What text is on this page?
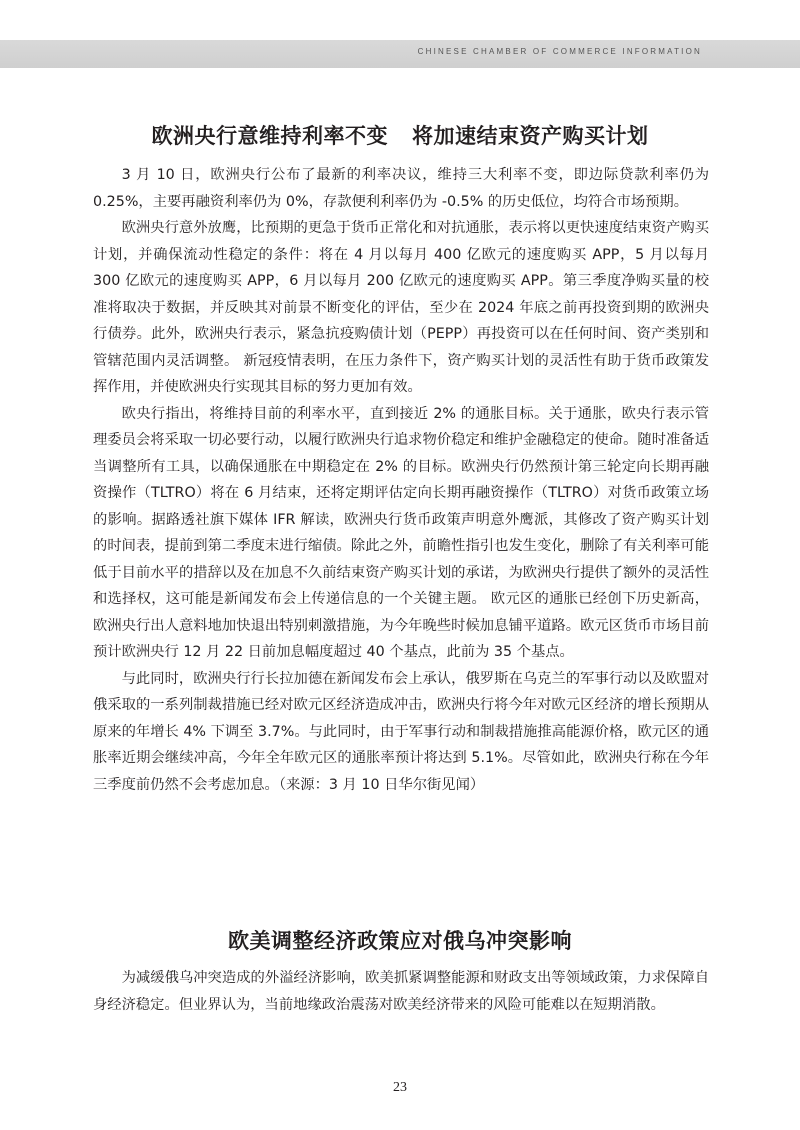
CHINESE CHAMBER OF COMMERCE INFORMATION
欧洲央行意维持利率不变 将加速结束资产购买计划

3 月 10 日，欧洲央行公布了最新的利率决议，维持三大利率不变，即边际贷款利率仍为 0.25%，主要再融资利率仍为 0%，存款便利利率仍为 -0.5% 的历史低位，均符合市场预期。

欧洲央行意外放鹰，比预期的更急于货币正常化和对抗通胀，表示将以更快速度结束资产购买计划，并确保流动性稳定的条件：将在 4 月以每月 400 亿欧元的速度购买 APP，5 月以每月 300 亿欧元的速度购买 APP，6 月以每月 200 亿欧元的速度购买 APP。第三季度净购买量的校准将取决于数据，并反映其对前景不断变化的评估，至少在 2024 年底之前再投资到期的欧洲央行债券。此外，欧洲央行表示，紧急抗疫购债计划（PEPP）再投资可以在任何时间、资产类别和管辖范围内灵活调整。 新冠疫情表明，在压力条件下，资产购买计划的灵活性有助于货币政策发挥作用，并使欧洲央行实现其目标的努力更加有效。

欧央行指出，将维持目前的利率水平，直到接近 2% 的通胀目标。关于通胀，欧央行表示管理委员会将采取一切必要行动，以履行欧洲央行追求物价稳定和维护金融稳定的使命。随时准备适当调整所有工具，以确保通胀在中期稳定在 2% 的目标。欧洲央行仍然预计第三轮定向长期再融资操作（TLTRO）将在 6 月结束，还将定期评估定向长期再融资操作（TLTRO）对货币政策立场的影响。据路透社旗下媒体 IFR 解读，欧洲央行货币政策声明意外鹰派，其修改了资产购买计划的时间表，提前到第二季度末进行缩债。除此之外，前瞻性指引也发生变化，删除了有关利率可能低于目前水平的措辞以及在加息不久前结束资产购买计划的承诺，为欧洲央行提供了额外的灵活性和选择权，这可能是新闻发布会上传递信息的一个关键主题。 欧元区的通胀已经创下历史新高，欧洲央行出人意料地加快退出特别刺激措施，为今年晚些时候加息铺平道路。欧元区货币市场目前预计欧洲央行 12 月 22 日前加息幅度超过 40 个基点，此前为 35 个基点。

与此同时，欧洲央行行长拉加德在新闻发布会上承认，俄罗斯在乌克兰的军事行动以及欧盟对俄采取的一系列制裁措施已经对欧元区经济造成冲击，欧洲央行将今年对欧元区经济的增长预期从原来的年增长 4% 下调至 3.7%。与此同时，由于军事行动和制裁措施推高能源价格，欧元区的通胀率近期会继续冲高，今年全年欧元区的通胀率预计将达到 5.1%。尽管如此，欧洲央行称在今年三季度前仍然不会考虑加息。（来源：3 月 10 日华尔街见闻）

欧美调整经济政策应对俄乌冲突影响

为减缓俄乌冲突造成的外溢经济影响，欧美抓紧调整能源和财政支出等领域政策，力求保障自身经济稳定。但业界认为，当前地缘政治震荡对欧美经济带来的风险可能难以在短期消散。

23
